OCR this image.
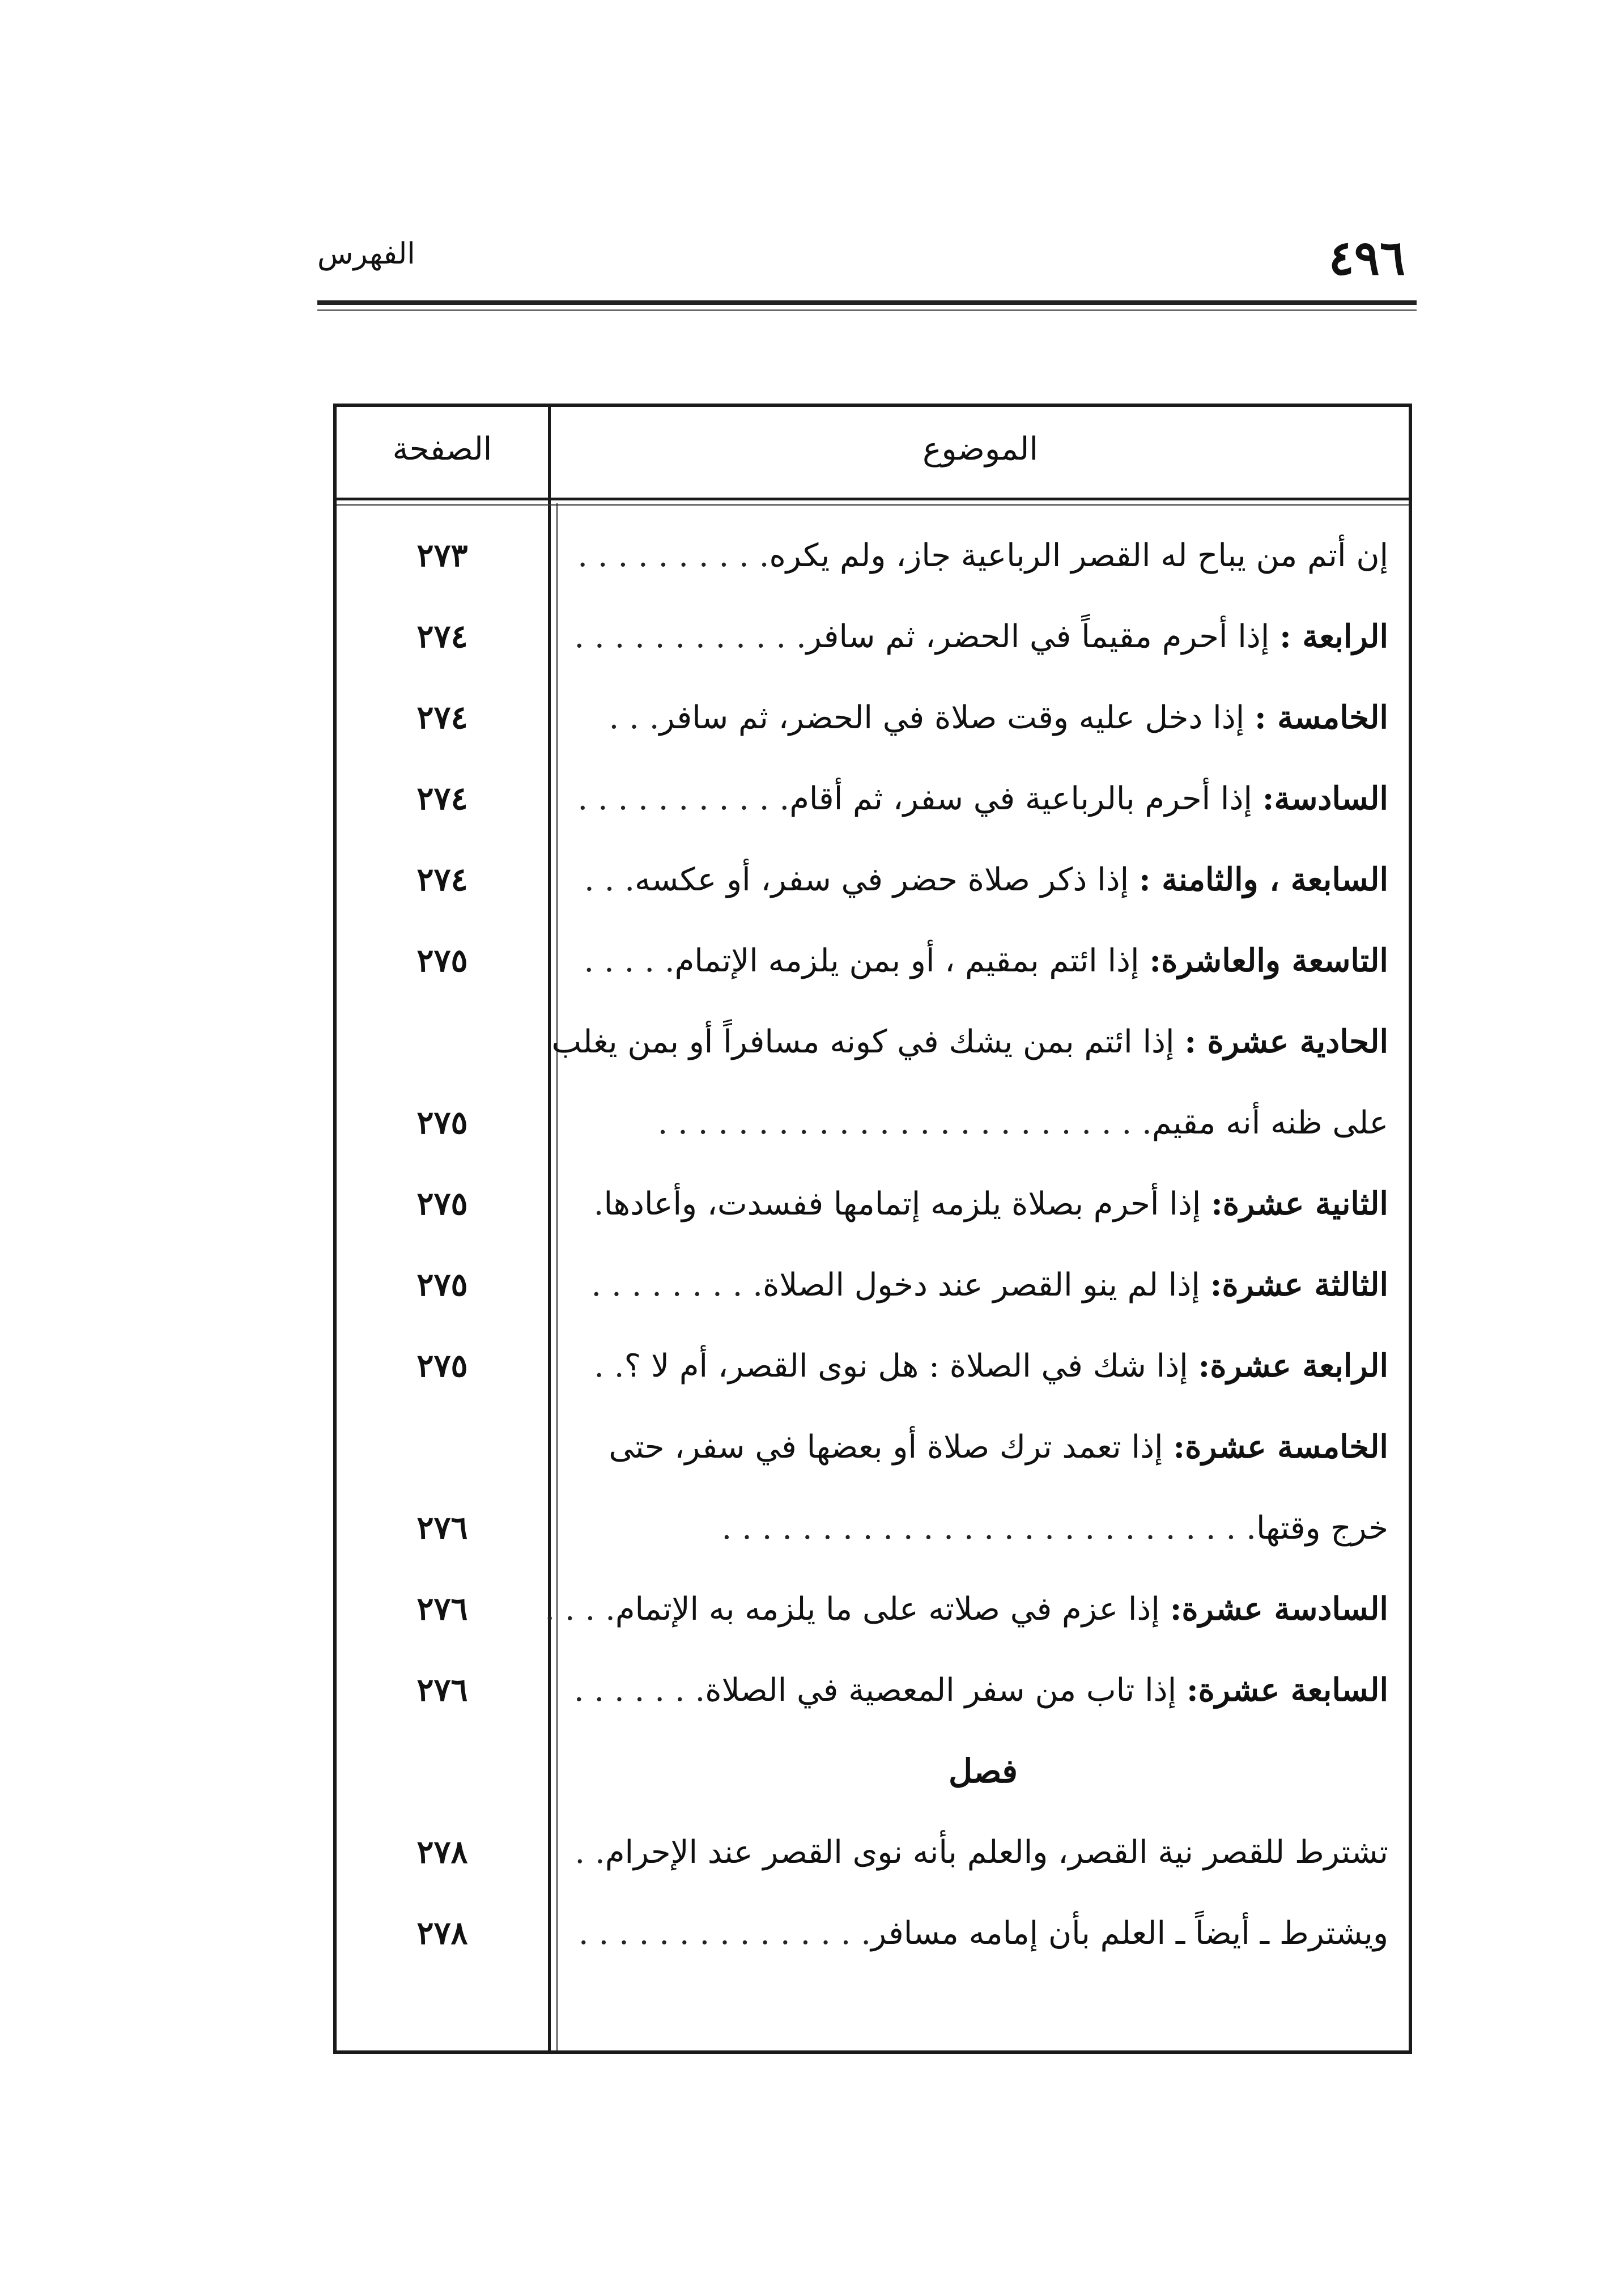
الفهرس	٤٩٦
الموضوع
الصفحة
إن أتم من يباح له القصر الرباعية جاز، ولم يكره. . . . . . . . . .
٢٧٣
الرابعة : إذا أحرم مقيماً في الحضر، ثم سافر. . . . . . . . . . . .
٢٧٤
الخامسة : إذا دخل عليه وقت صلاة في الحضر، ثم سافر. . .
٢٧٤
السادسة: إذا أحرم بالرباعية في سفر، ثم أقام. . . . . . . . . . .
٢٧٤
السابعة ، والثامنة : إذا ذكر صلاة حضر في سفر، أو عكسه. . .
٢٧٤
التاسعة والعاشرة: إذا ائتم بمقيم ، أو بمن يلزمه الإتمام. . . . .
٢٧٥
الحادية عشرة : إذا ائتم بمن يشك في كونه مسافراً أو بمن يغلب
على ظنه أنه مقيم. . . . . . . . . . . . . . . . . . . . . . . . .
٢٧٥
الثانية عشرة: إذا أحرم بصلاة يلزمه إتمامها ففسدت، وأعادها.
٢٧٥
الثالثة عشرة: إذا لم ينو القصر عند دخول الصلاة. . . . . . . . .
٢٧٥
الرابعة عشرة: إذا شك في الصلاة : هل نوى القصر، أم لا ؟. .
٢٧٥
الخامسة عشرة: إذا تعمد ترك صلاة أو بعضها في سفر، حتى
خرج وقتها. . . . . . . . . . . . . . . . . . . . . . . . . . .
٢٧٦
السادسة عشرة: إذا عزم في صلاته على ما يلزمه به الإتمام. . . .
٢٧٦
السابعة عشرة: إذا تاب من سفر المعصية في الصلاة. . . . . . .
٢٧٦
فصل
تشترط للقصر نية القصر، والعلم بأنه نوى القصر عند الإحرام. .
٢٧٨
ويشترط ـ أيضاً ـ العلم بأن إمامه مسافر. . . . . . . . . . . . . . .
٢٧٨
